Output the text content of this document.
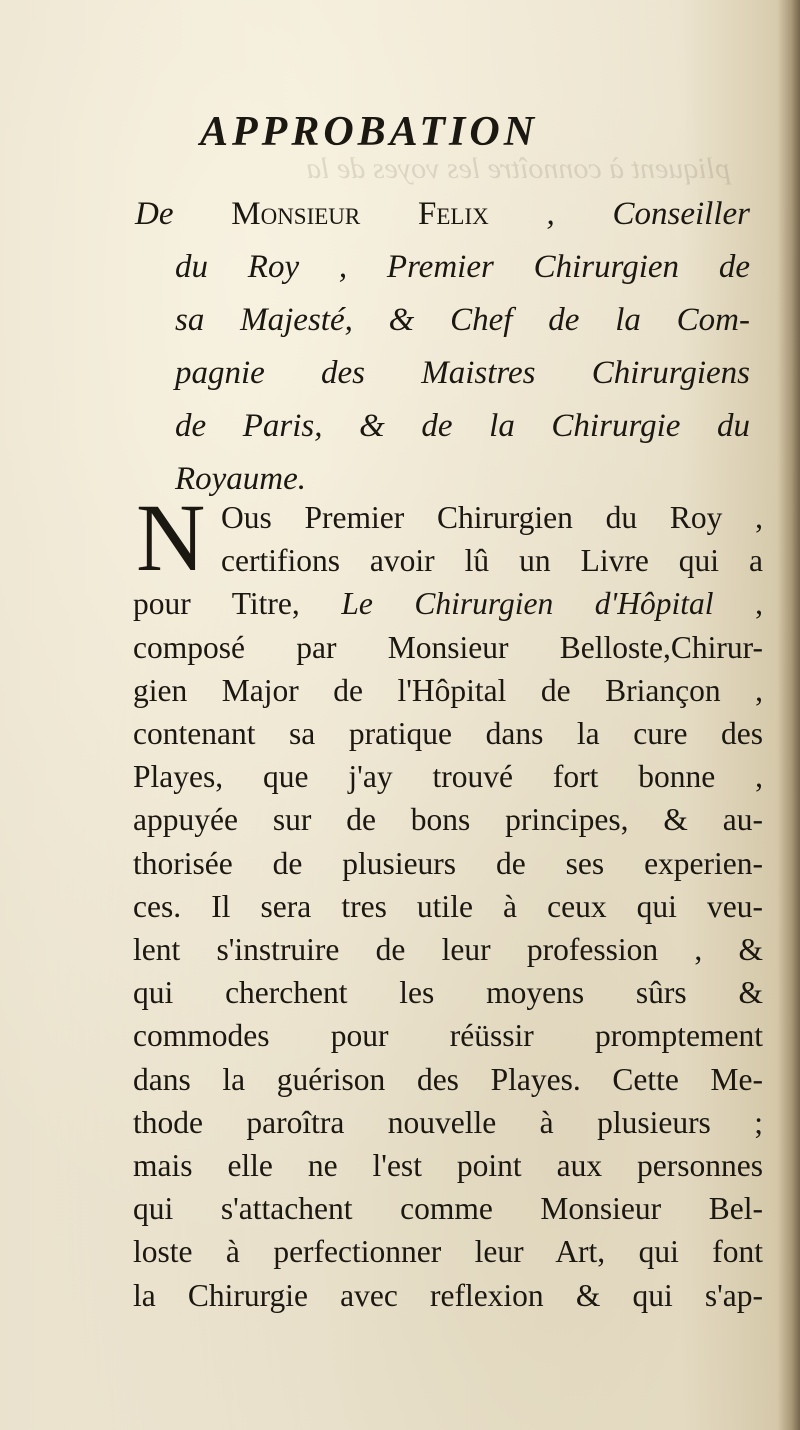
pliquent à connoître les voyes de la
APPROBATION
De Monsieur Felix , Conseiller
du Roy , Premier Chirurgien de
sa Majesté, & Chef de la Com-
pagnie des Maistres Chirurgiens
de Paris, & de la Chirurgie du
Royaume.
N Ous Premier Chirurgien du Roy ,
certifions avoir lû un Livre qui a
pour Titre, Le Chirurgien d'Hôpital ,
composé par Monsieur Belloste,Chirur-
gien Major de l'Hôpital de Briançon ,
contenant sa pratique dans la cure des
Playes, que j'ay trouvé fort bonne ,
appuyée sur de bons principes, & au-
thorisée de plusieurs de ses experien-
ces. Il sera tres utile à ceux qui veu-
lent s'instruire de leur profession , &
qui cherchent les moyens sûrs &
commodes pour réüssir promptement
dans la guérison des Playes. Cette Me-
thode paroîtra nouvelle à plusieurs ;
mais elle ne l'est point aux personnes
qui s'attachent comme Monsieur Bel-
loste à perfectionner leur Art, qui font
la Chirurgie avec reflexion & qui s'ap-
